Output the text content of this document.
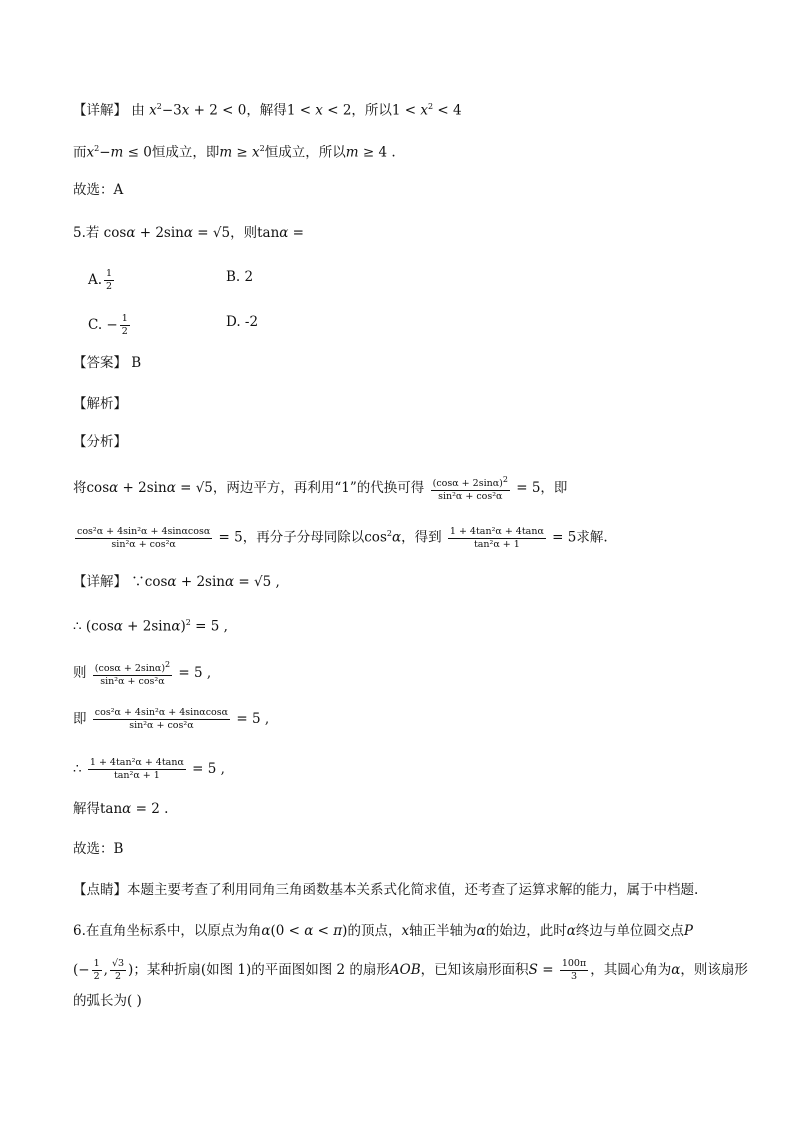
【详解】 由 $x^2-3x + 2 < 0$，解得1 < x < 2，所以$1 < x^2 < 4$
而$x^2-m \le 0$恒成立，即$m \ge x^2$恒成立，所以m ≥ 4 .
故选：A
5.若 cosα + 2sinα = √5，则tanα =
A. $\frac{1}{2}$	B. 2
C. − $\frac{1}{2}$	D. -2
【答案】 B
【解析】
【分析】
将cosα + 2sinα = √5，两边平方，再利用“1”的代换可得 $\frac{(\cos\alpha + 2\sin\alpha)^2}{\text{sin²α + cos²α}} = 5$，即
$\frac{\text{cos²α + 4sin²α + 4sinαcosα}}{\text{sin²α + cos²α}} = 5$，再分子分母同除以$\cos^2\alpha$，得到 $\frac{\text{1 + 4tan²α + 4tanα}}{\text{tan²α + 1}} = 5$求解.
【详解】 ∵cosα + 2sinα = √5 ,
∴ $(\cos\alpha + 2\sin\alpha)^2 = 5$ ,
则 $\frac{(\cos\alpha + 2\sin\alpha)^2}{\text{sin²α + cos²α}} = 5$ ,
即 $\frac{\text{cos²α + 4sin²α + 4sinαcosα}}{\text{sin²α + cos²α}} = 5$ ,
∴ $\frac{\text{1 + 4tan²α + 4tanα}}{\text{tan²α + 1}} = 5$ ,
解得tanα = 2 .
故选：B
【点睛】本题主要考查了利用同角三角函数基本关系式化简求值，还考查了运算求解的能力，属于中档题.
6.在直角坐标系中，以原点为角α(0 < α < π)的顶点，x轴正半轴为α的始边，此时α终边与单位圆交点P
(− $\frac{1}{2}$ , $\frac{√3}{2}$ )；某种折扇(如图 1)的平面图如图 2 的扇形AOB，已知该扇形面积$S = \frac{100\pi}{3}$ ，其圆心角为α，则该扇形
的弧长为( )
